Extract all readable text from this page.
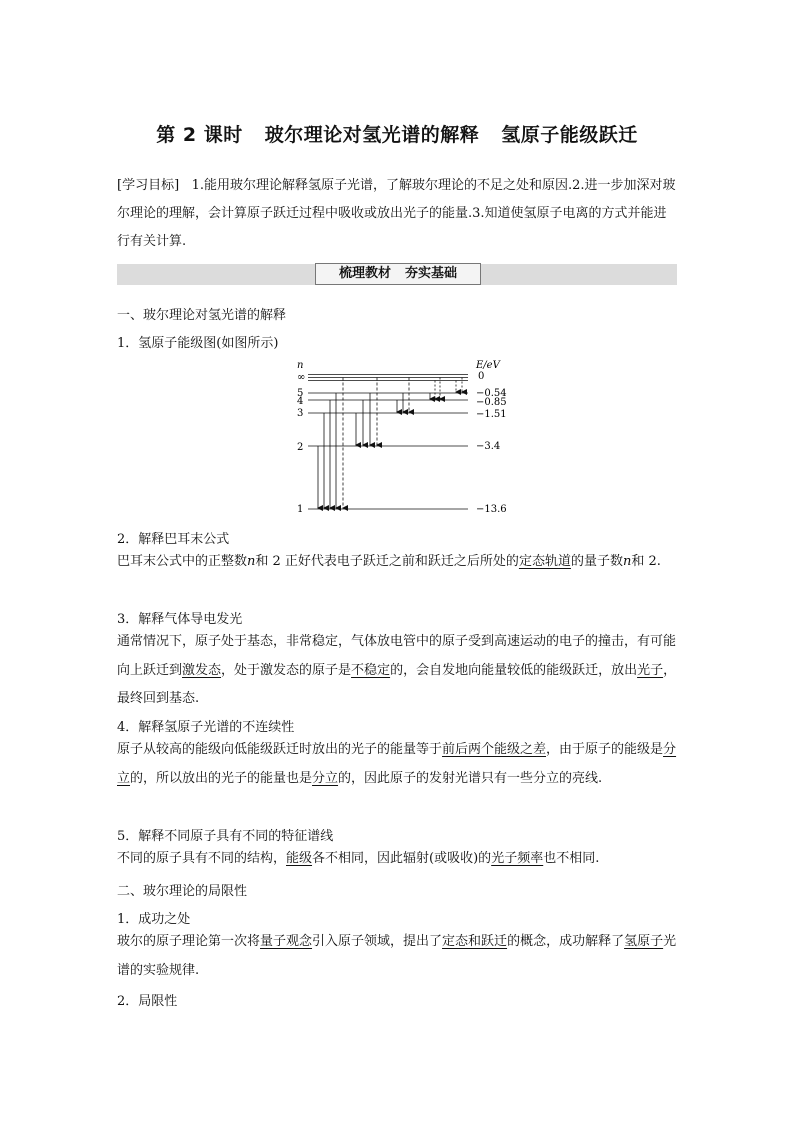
第 2 课时 玻尔理论对氢光谱的解释 氢原子能级跃迁
[学习目标] 1.能用玻尔理论解释氢原子光谱，了解玻尔理论的不足之处和原因.2.进一步加深对玻尔理论的理解，会计算原子跃迁过程中吸收或放出光子的能量.3.知道使氢原子电离的方式并能进行有关计算.
梳理教材 夯实基础
一、玻尔理论对氢光谱的解释
1．氢原子能级图(如图所示)
n	E/eV
∞
5
4
3
2
1
0
−0.54
−0.85
−1.51
−3.4
−13.6
2．解释巴耳末公式
巴耳末公式中的正整数n和 2 正好代表电子跃迁之前和跃迁之后所处的定态轨道的量子数n和 2.
3．解释气体导电发光
通常情况下，原子处于基态，非常稳定，气体放电管中的原子受到高速运动的电子的撞击，有可能向上跃迁到激发态，处于激发态的原子是不稳定的，会自发地向能量较低的能级跃迁，放出光子，最终回到基态.
4．解释氢原子光谱的不连续性
原子从较高的能级向低能级跃迁时放出的光子的能量等于前后两个能级之差，由于原子的能级是分立的，所以放出的光子的能量也是分立的，因此原子的发射光谱只有一些分立的亮线.
5．解释不同原子具有不同的特征谱线
不同的原子具有不同的结构，能级各不相同，因此辐射(或吸收)的光子频率也不相同.
二、玻尔理论的局限性
1．成功之处
玻尔的原子理论第一次将量子观念引入原子领域，提出了定态和跃迁的概念，成功解释了氢原子光谱的实验规律.
2．局限性
